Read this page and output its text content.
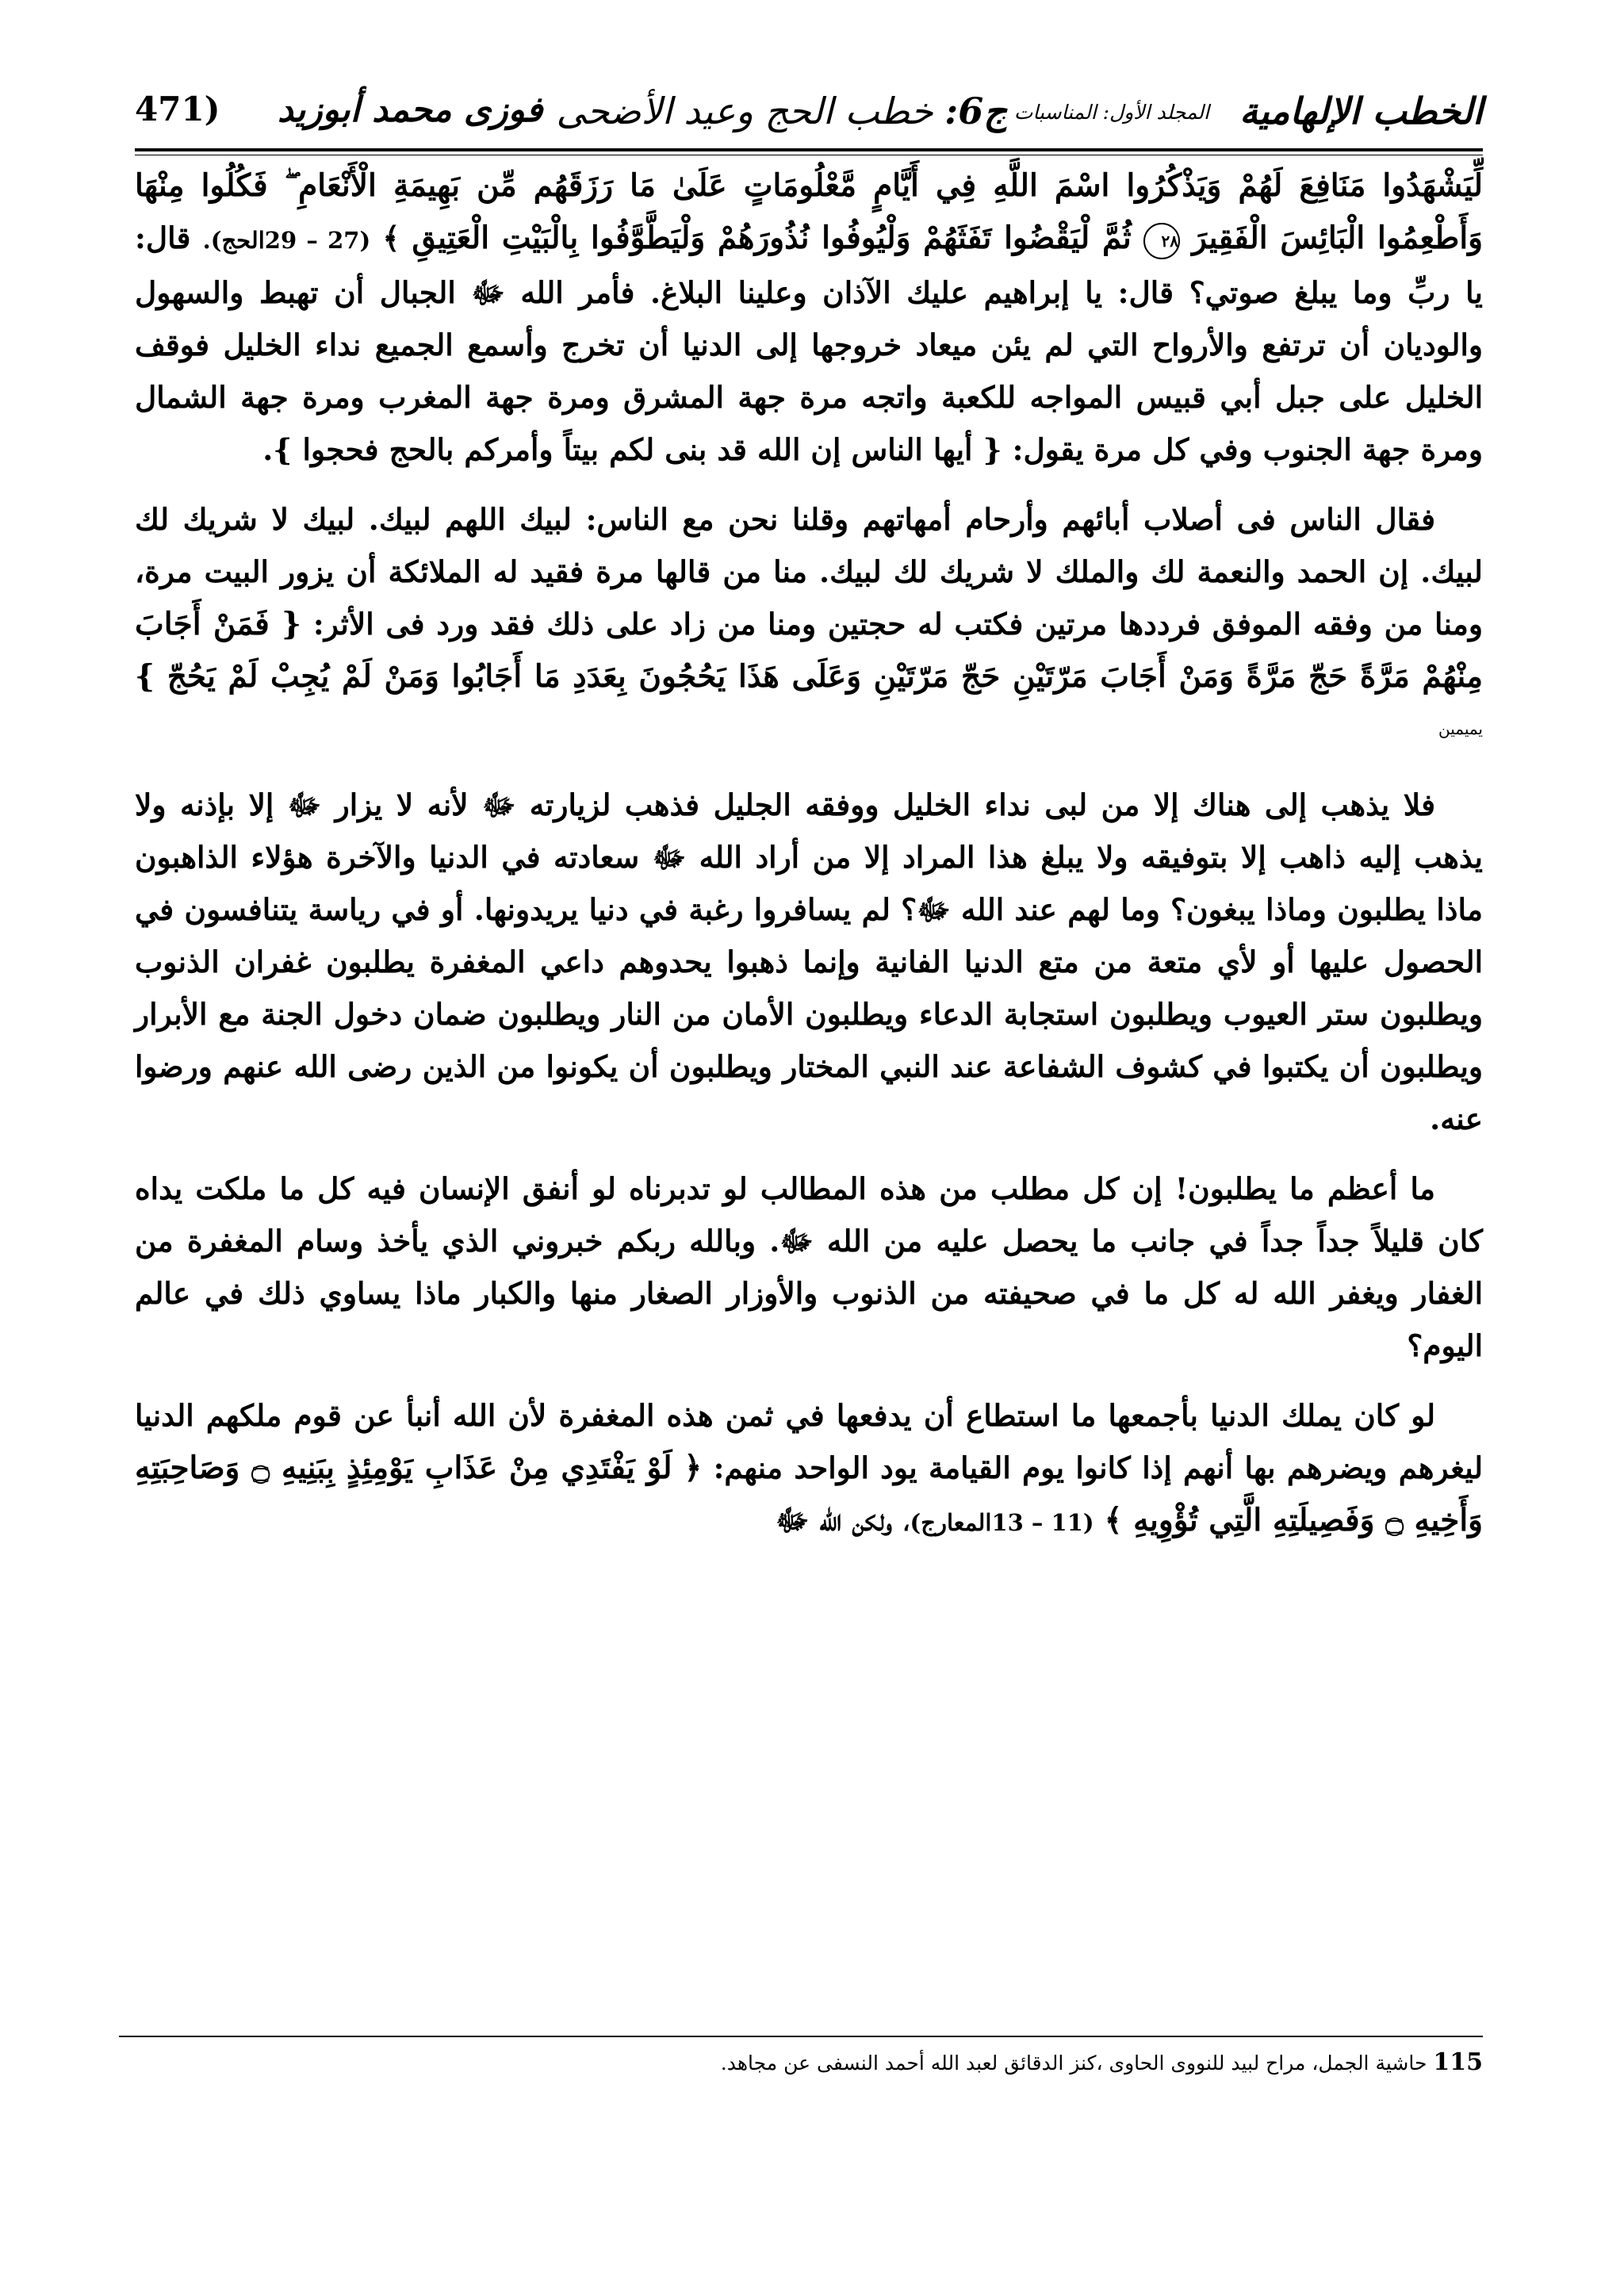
الخطب الإلهامية
المجلد الأول: المناسبات :
ج6: خطب الحج وعيد الأضحى
فوزى محمد أبوزيد
471)

لِّيَشْهَدُوا مَنَافِعَ لَهُمْ وَيَذْكُرُوا اسْمَ اللَّهِ فِي أَيَّامٍ مَّعْلُومَاتٍ عَلَىٰ مَا رَزَقَهُم مِّن بَهِيمَةِ الْأَنْعَامِ ۖ فَكُلُوا مِنْهَا وَأَطْعِمُوا الْبَائِسَ الْفَقِيرَ ٢٨ ثُمَّ لْيَقْضُوا تَفَثَهُمْ وَلْيُوفُوا نُذُورَهُمْ وَلْيَطَّوَّفُوا بِالْبَيْتِ الْعَتِيقِ ﴾ (27 – 29الحج). قال: يا ربِّ وما يبلغ صوتي؟ قال: يا إبراهيم عليك الآذان وعلينا البلاغ. فأمر الله ﷻ الجبال أن تهبط والسهول والوديان أن ترتفع والأرواح التي لم يئن ميعاد خروجها إلى الدنيا أن تخرج وأسمع الجميع نداء الخليل فوقف الخليل على جبل أبي قبيس المواجه للكعبة واتجه مرة جهة المشرق ومرة جهة المغرب ومرة جهة الشمال ومرة جهة الجنوب وفي كل مرة يقول: { أيها الناس إن الله قد بنى لكم بيتاً وأمركم بالحج فحجوا }.

فقال الناس فى أصلاب أبائهم وأرحام أمهاتهم وقلنا نحن مع الناس: لبيك اللهم لبيك. لبيك لا شريك لك لبيك. إن الحمد والنعمة لك والملك لا شريك لك لبيك. منا من قالها مرة فقيد له الملائكة أن يزور البيت مرة، ومنا من وفقه الموفق فرددها مرتين فكتب له حجتين ومنا من زاد على ذلك فقد ورد فى الأثر: { فَمَنْ أَجَابَ مِنْهُمْ مَرَّةً حَجّ مَرَّةً وَمَنْ أَجَابَ مَرّتَيْنِ حَجّ مَرّتَيْنِ وَعَلَى هَذَا يَحُجُونَ بِعَدَدِ مَا أَجَابُوا وَمَنْ لَمْ يُجِبْ لَمْ يَحُجّ } $^{يميمين}$

فلا يذهب إلى هناك إلا من لبى نداء الخليل ووفقه الجليل فذهب لزيارته ﷻ لأنه لا يزار ﷻ إلا بإذنه ولا يذهب إليه ذاهب إلا بتوفيقه ولا يبلغ هذا المراد إلا من أراد الله ﷻ سعادته في الدنيا والآخرة هؤلاء الذاهبون ماذا يطلبون وماذا يبغون؟ وما لهم عند الله ﷻ؟ لم يسافروا رغبة في دنيا يريدونها. أو في رياسة يتنافسون في الحصول عليها أو لأي متعة من متع الدنيا الفانية وإنما ذهبوا يحدوهم داعي المغفرة يطلبون غفران الذنوب ويطلبون ستر العيوب ويطلبون استجابة الدعاء ويطلبون الأمان من النار ويطلبون ضمان دخول الجنة مع الأبرار ويطلبون أن يكتبوا في كشوف الشفاعة عند النبي المختار ويطلبون أن يكونوا من الذين رضى الله عنهم ورضوا عنه.

ما أعظم ما يطلبون! إن كل مطلب من هذه المطالب لو تدبرناه لو أنفق الإنسان فيه كل ما ملكت يداه كان قليلاً جداً جداً في جانب ما يحصل عليه من الله ﷻ. وبالله ربكم خبروني الذي يأخذ وسام المغفرة من الغفار ويغفر الله له كل ما في صحيفته من الذنوب والأوزار الصغار منها والكبار ماذا يساوي ذلك في عالم اليوم؟

لو كان يملك الدنيا بأجمعها ما استطاع أن يدفعها في ثمن هذه المغفرة لأن الله أنبأ عن قوم ملكهم الدنيا ليغرهم ويضرهم بها أنهم إذا كانوا يوم القيامة يود الواحد منهم: ﴿ لَوْ يَفْتَدِي مِنْ عَذَابِ يَوْمِئِذٍ بِبَنِيهِ ۝ وَصَاحِبَتِهِ وَأَخِيهِ ۝ وَفَصِيلَتِهِ الَّتِي تُؤْوِيهِ ﴾ (11 – 13المعارج)، ولكن الله ﷻ

115 حاشية الجمل، مراح لبيد للنووى الحاوى ،كنز الدقائق لعبد الله أحمد النسفى عن مجاهد.
